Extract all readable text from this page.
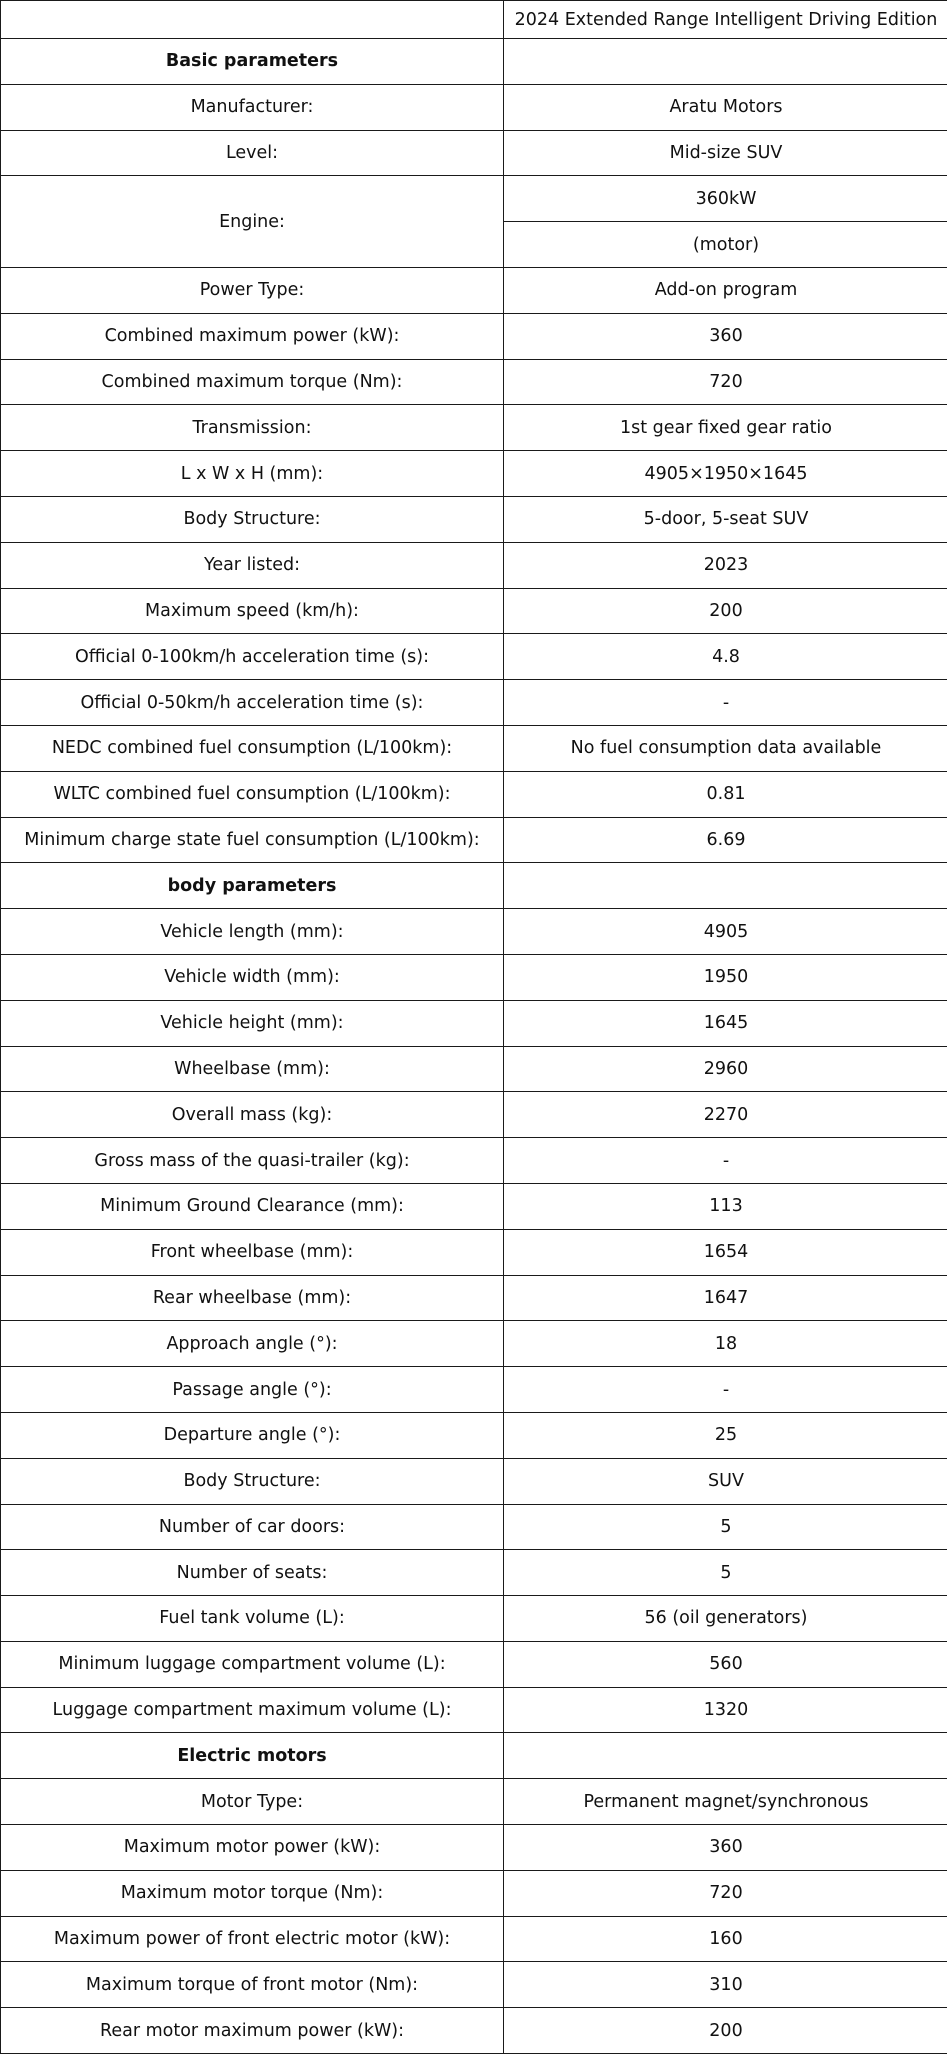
	2024 Extended Range Intelligent Driving Edition
Basic parameters	
Manufacturer:	Aratu Motors
Level:	Mid-size SUV
Engine:	360kW
	(motor)
Power Type:	Add-on program
Combined maximum power (kW):	360
Combined maximum torque (Nm):	720
Transmission:	1st gear fixed gear ratio
L x W x H (mm):	4905×1950×1645
Body Structure:	5-door, 5-seat SUV
Year listed:	2023
Maximum speed (km/h):	200
Official 0-100km/h acceleration time (s):	4.8
Official 0-50km/h acceleration time (s):	-
NEDC combined fuel consumption (L/100km):	No fuel consumption data available
WLTC combined fuel consumption (L/100km):	0.81
Minimum charge state fuel consumption (L/100km):	6.69
body parameters	
Vehicle length (mm):	4905
Vehicle width (mm):	1950
Vehicle height (mm):	1645
Wheelbase (mm):	2960
Overall mass (kg):	2270
Gross mass of the quasi-trailer (kg):	-
Minimum Ground Clearance (mm):	113
Front wheelbase (mm):	1654
Rear wheelbase (mm):	1647
Approach angle (°):	18
Passage angle (°):	-
Departure angle (°):	25
Body Structure:	SUV
Number of car doors:	5
Number of seats:	5
Fuel tank volume (L):	56 (oil generators)
Minimum luggage compartment volume (L):	560
Luggage compartment maximum volume (L):	1320
Electric motors	
Motor Type:	Permanent magnet/synchronous
Maximum motor power (kW):	360
Maximum motor torque (Nm):	720
Maximum power of front electric motor (kW):	160
Maximum torque of front motor (Nm):	310
Rear motor maximum power (kW):	200
